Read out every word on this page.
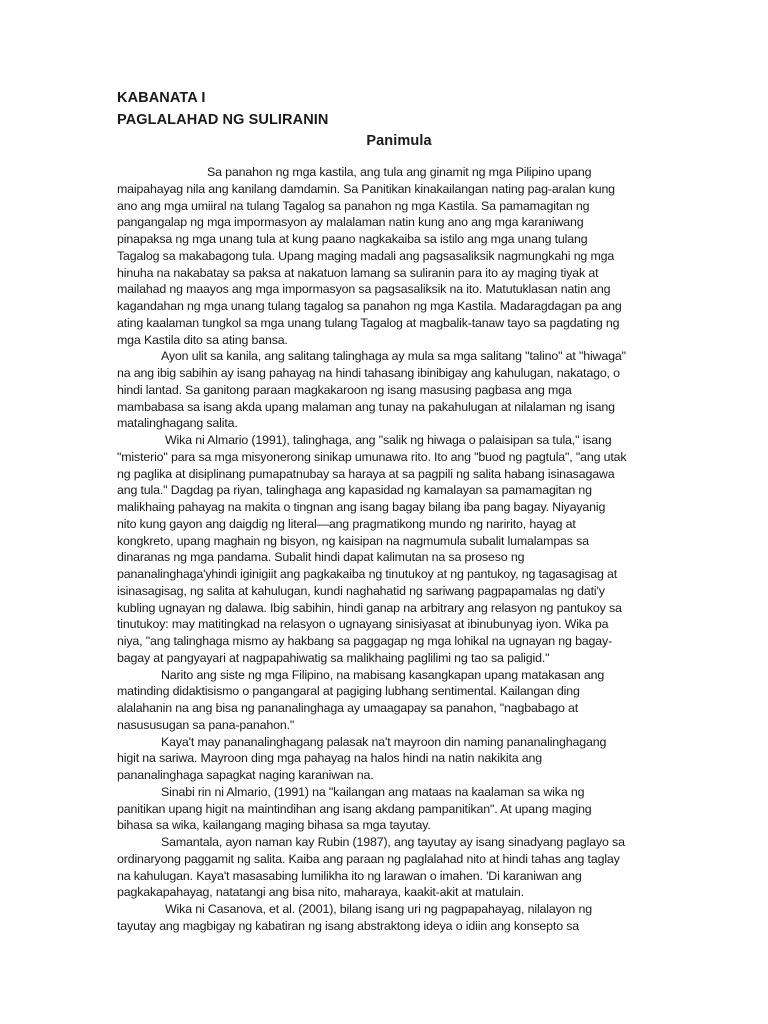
KABANATA I
PAGLALAHAD NG SULIRANIN
Panimula
Sa panahon ng mga kastila, ang tula ang ginamit ng mga Pilipino upang
maipahayag nila ang kanilang damdamin. Sa Panitikan kinakailangan nating pag-aralan kung
ano ang mga umiiral na tulang Tagalog sa panahon ng mga Kastila. Sa pamamagitan ng
pangangalap ng mga impormasyon ay malalaman natin kung ano ang mga karaniwang
pinapaksa ng mga unang tula at kung paano nagkakaiba sa istilo ang mga unang tulang
Tagalog sa makabagong tula. Upang maging madali ang pagsasaliksik nagmungkahi ng mga
hinuha na nakabatay sa paksa at nakatuon lamang sa suliranin para ito ay maging tiyak at
mailahad ng maayos ang mga impormasyon sa pagsasaliksik na ito. Matutuklasan natin ang
kagandahan ng mga unang tulang tagalog sa panahon ng mga Kastila. Madaragdagan pa ang
ating kaalaman tungkol sa mga unang tulang Tagalog at magbalik-tanaw tayo sa pagdating ng
mga Kastila dito sa ating bansa.
Ayon ulit sa kanila, ang salitang talinghaga ay mula sa mga salitang "talino" at "hiwaga"
na ang ibig sabihin ay isang pahayag na hindi tahasang ibinibigay ang kahulugan, nakatago, o
hindi lantad. Sa ganitong paraan magkakaroon ng isang masusing pagbasa ang mga
mambabasa sa isang akda upang malaman ang tunay na pakahulugan at nilalaman ng isang
matalinghagang salita.
Wika ni Almario (1991), talinghaga, ang "salik ng hiwaga o palaisipan sa tula," isang
"misterio" para sa mga misyonerong sinikap umunawa rito. Ito ang "buod ng pagtula", "ang utak
ng paglika at disiplinang pumapatnubay sa haraya at sa pagpili ng salita habang isinasagawa
ang tula." Dagdag pa riyan, talinghaga ang kapasidad ng kamalayan sa pamamagitan ng
malikhaing pahayag na makita o tingnan ang isang bagay bilang iba pang bagay. Niyayanig
nito kung gayon ang daigdig ng literal—ang pragmatikong mundo ng naririto, hayag at
kongkreto, upang maghain ng bisyon, ng kaisipan na nagmumula subalit lumalampas sa
dinaranas ng mga pandama. Subalit hindi dapat kalimutan na sa proseso ng
pananalinghaga'yhindi iginigiit ang pagkakaiba ng tinutukoy at ng pantukoy, ng tagasagisag at
isinasagisag, ng salita at kahulugan, kundi naghahatid ng sariwang pagpapamalas ng dati'y
kubling ugnayan ng dalawa. Ibig sabihin, hindi ganap na arbitrary ang relasyon ng pantukoy sa
tinutukoy: may matitingkad na relasyon o ugnayang sinisiyasat at ibinubunyag iyon. Wika pa
niya, "ang talinghaga mismo ay hakbang sa paggagap ng mga lohikal na ugnayan ng bagay-
bagay at pangyayari at nagpapahiwatig sa malikhaing paglilimi ng tao sa paligid."
Narito ang siste ng mga Filipino, na mabisang kasangkapan upang matakasan ang
matinding didaktisismo o pangangaral at pagiging lubhang sentimental. Kailangan ding
alalahanin na ang bisa ng pananalinghaga ay umaagapay sa panahon, "nagbabago at
nasususugan sa pana-panahon."
Kaya't may pananalinghagang palasak na't mayroon din naming pananalinghagang
higit na sariwa. Mayroon ding mga pahayag na halos hindi na natin nakikita ang
pananalinghaga sapagkat naging karaniwan na.
Sinabi rin ni Almario, (1991) na "kailangan ang mataas na kaalaman sa wika ng
panitikan upang higit na maintindihan ang isang akdang pampanitikan". At upang maging
bihasa sa wika, kailangang maging bihasa sa mga tayutay.
Samantala, ayon naman kay Rubin (1987), ang tayutay ay isang sinadyang paglayo sa
ordinaryong paggamit ng salita. Kaiba ang paraan ng paglalahad nito at hindi tahas ang taglay
na kahulugan. Kaya't masasabing lumilikha ito ng larawan o imahen. 'Di karaniwan ang
pagkakapahayag, natatangi ang bisa nito, maharaya, kaakit-akit at matulain.
Wika ni Casanova, et al. (2001), bilang isang uri ng pagpapahayag, nilalayon ng
tayutay ang magbigay ng kabatiran ng isang abstraktong ideya o idiin ang konsepto sa
